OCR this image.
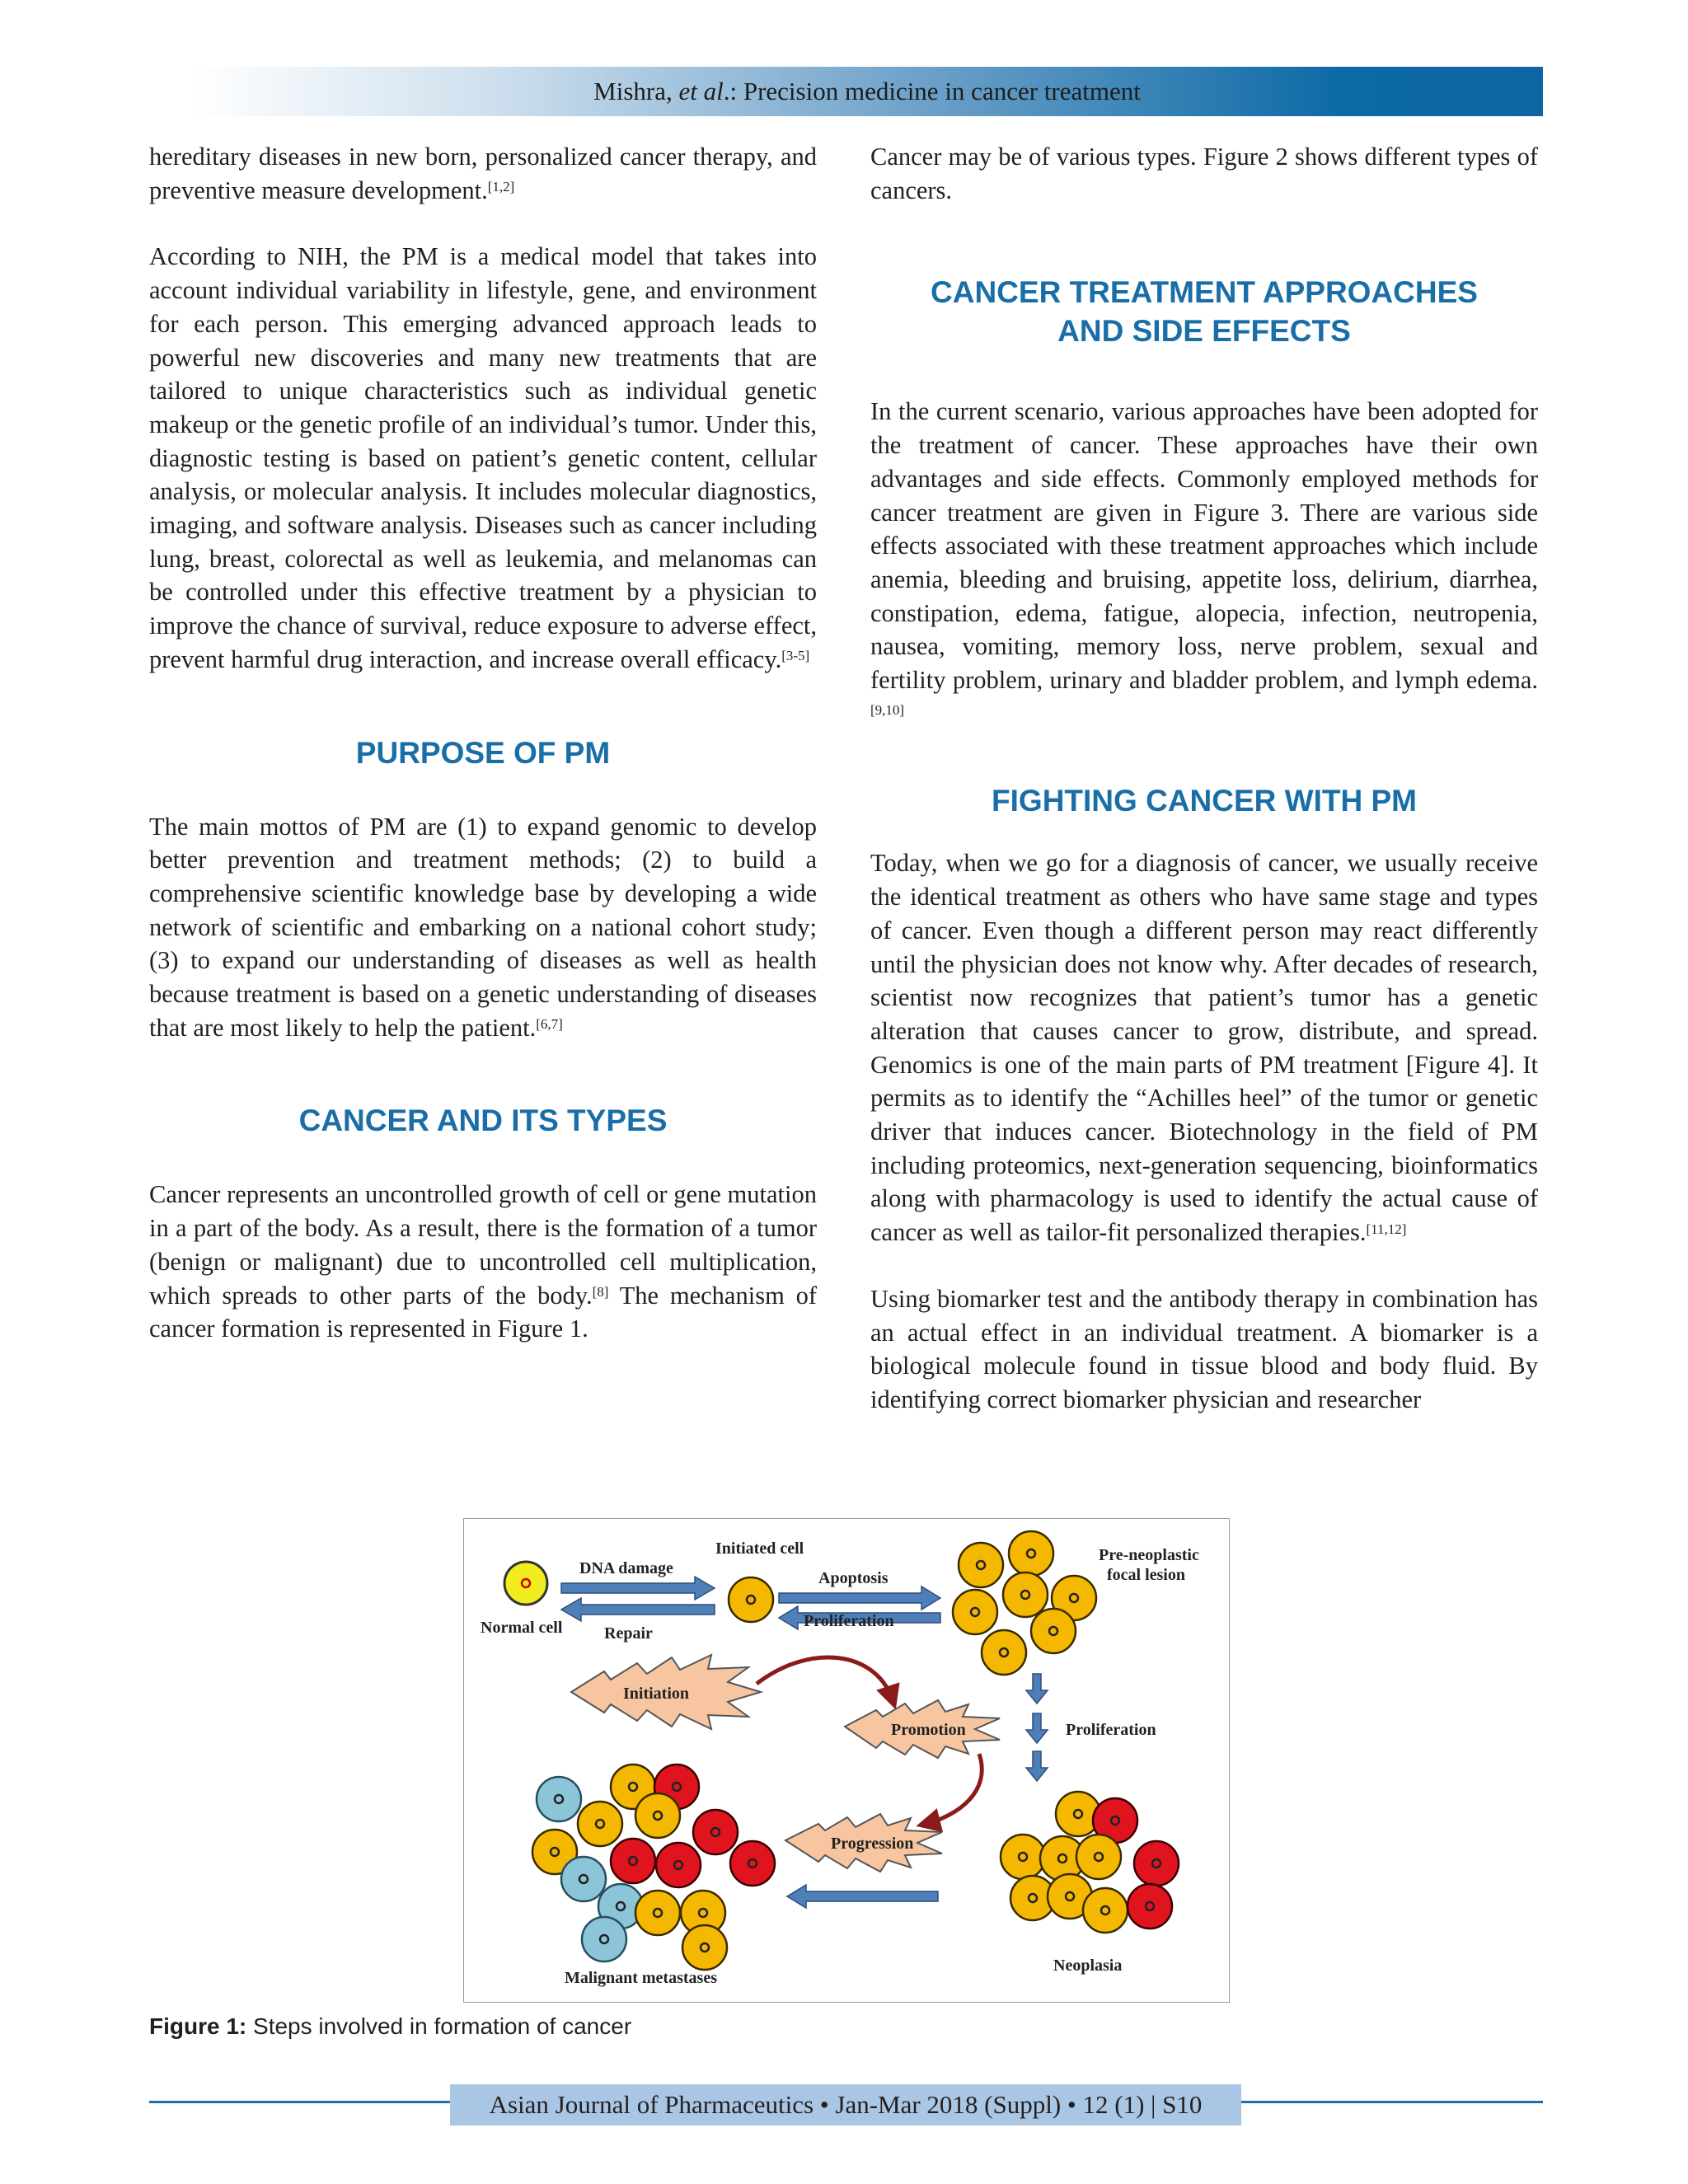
Mishra, et al.: Precision medicine in cancer treatment

hereditary diseases in new born, personalized cancer therapy, and preventive measure development.[1,2]

According to NIH, the PM is a medical model that takes into account individual variability in lifestyle, gene, and environment for each person. This emerging advanced approach leads to powerful new discoveries and many new treatments that are tailored to unique characteristics such as individual genetic makeup or the genetic profile of an individual’s tumor. Under this, diagnostic testing is based on patient’s genetic content, cellular analysis, or molecular analysis. It includes molecular diagnostics, imaging, and software analysis. Diseases such as cancer including lung, breast, colorectal as well as leukemia, and melanomas can be controlled under this effective treatment by a physician to improve the chance of survival, reduce exposure to adverse effect, prevent harmful drug interaction, and increase overall efficacy.[3-5]

PURPOSE OF PM

The main mottos of PM are (1) to expand genomic to develop better prevention and treatment methods; (2) to build a comprehensive scientific knowledge base by developing a wide network of scientific and embarking on a national cohort study; (3) to expand our understanding of diseases as well as health because treatment is based on a genetic understanding of diseases that are most likely to help the patient.[6,7]

CANCER AND ITS TYPES

Cancer represents an uncontrolled growth of cell or gene mutation in a part of the body. As a result, there is the formation of a tumor (benign or malignant) due to uncontrolled cell multiplication, which spreads to other parts of the body.[8] The mechanism of cancer formation is represented in Figure 1.

Cancer may be of various types. Figure 2 shows different types of cancers.

CANCER TREATMENT APPROACHES
AND SIDE EFFECTS

In the current scenario, various approaches have been adopted for the treatment of cancer. These approaches have their own advantages and side effects. Commonly employed methods for cancer treatment are given in Figure 3. There are various side effects associated with these treatment approaches which include anemia, bleeding and bruising, appetite loss, delirium, diarrhea, constipation, edema, fatigue, alopecia, infection, neutropenia, nausea, vomiting, memory loss, nerve problem, sexual and fertility problem, urinary and bladder problem, and lymph edema.[9,10]

FIGHTING CANCER WITH PM

Today, when we go for a diagnosis of cancer, we usually receive the identical treatment as others who have same stage and types of cancer. Even though a different person may react differently until the physician does not know why. After decades of research, scientist now recognizes that patient’s tumor has a genetic alteration that causes cancer to grow, distribute, and spread. Genomics is one of the main parts of PM treatment [Figure 4]. It permits as to identify the “Achilles heel” of the tumor or genetic driver that induces cancer. Biotechnology in the field of PM including proteomics, next-generation sequencing, bioinformatics along with pharmacology is used to identify the actual cause of cancer as well as tailor-fit personalized therapies.[11,12]

Using biomarker test and the antibody therapy in combination has an actual effect in an individual treatment. A biomarker is a biological molecule found in tissue blood and body fluid. By identifying correct biomarker physician and researcher

Normal cell
DNA damage
Repair
Initiated cell
Apoptosis
Proliferation
Pre-neoplastic
focal lesion
Initiation
Promotion	Proliferation
Progression
Neoplasia
Malignant metastases
Figure 1: Steps involved in formation of cancer
Asian Journal of Pharmaceutics • Jan-Mar 2018 (Suppl) • 12 (1) | S10
